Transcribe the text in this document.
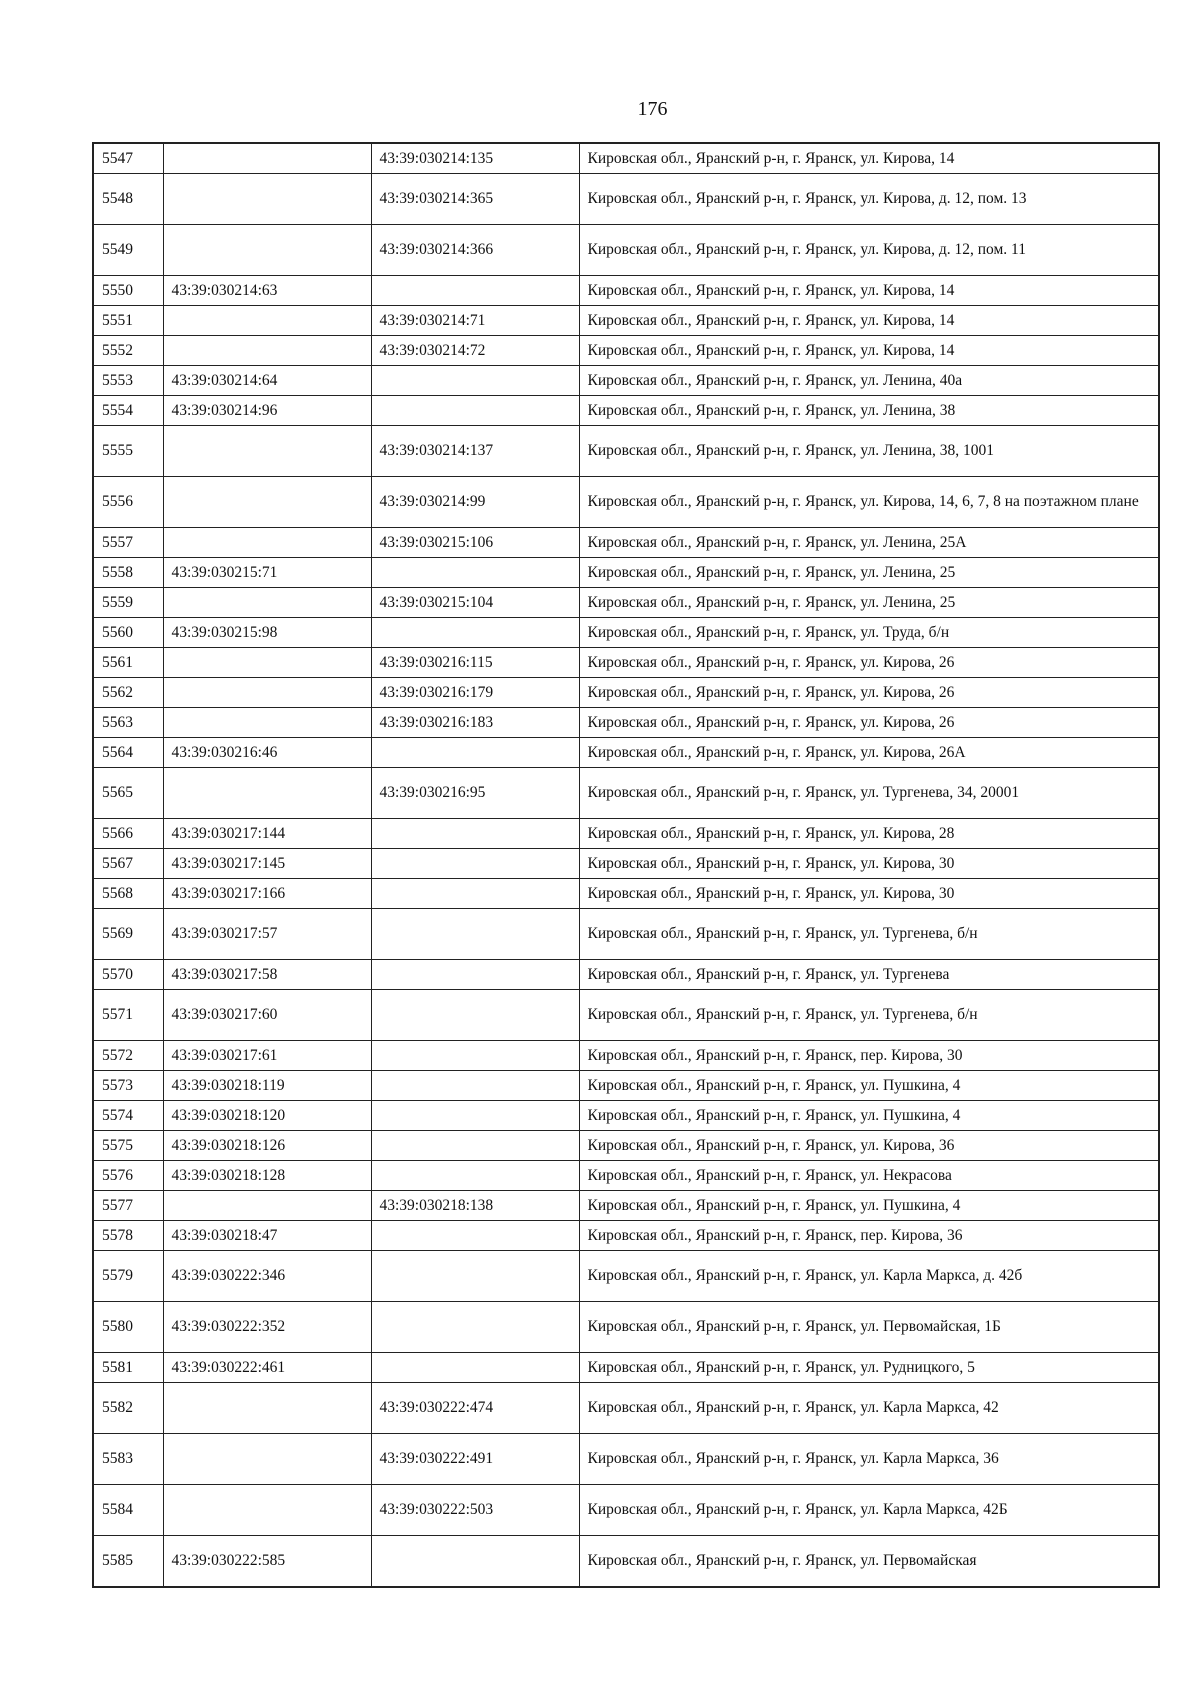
176
5547		43:39:030214:135	Кировская обл., Яранский р-н, г. Яранск, ул. Кирова, 14
5548		43:39:030214:365	Кировская обл., Яранский р-н, г. Яранск, ул. Кирова, д. 12, пом. 13
5549		43:39:030214:366	Кировская обл., Яранский р-н, г. Яранск, ул. Кирова, д. 12, пом. 11
5550	43:39:030214:63		Кировская обл., Яранский р-н, г. Яранск, ул. Кирова, 14
5551		43:39:030214:71	Кировская обл., Яранский р-н, г. Яранск, ул. Кирова, 14
5552		43:39:030214:72	Кировская обл., Яранский р-н, г. Яранск, ул. Кирова, 14
5553	43:39:030214:64		Кировская обл., Яранский р-н, г. Яранск, ул. Ленина, 40а
5554	43:39:030214:96		Кировская обл., Яранский р-н, г. Яранск, ул. Ленина, 38
5555		43:39:030214:137	Кировская обл., Яранский р-н, г. Яранск, ул. Ленина, 38, 1001
5556		43:39:030214:99	Кировская обл., Яранский р-н, г. Яранск, ул. Кирова, 14, 6, 7, 8 на поэтажном плане
5557		43:39:030215:106	Кировская обл., Яранский р-н, г. Яранск, ул. Ленина, 25А
5558	43:39:030215:71		Кировская обл., Яранский р-н, г. Яранск, ул. Ленина, 25
5559		43:39:030215:104	Кировская обл., Яранский р-н, г. Яранск, ул. Ленина, 25
5560	43:39:030215:98		Кировская обл., Яранский р-н, г. Яранск, ул. Труда, б/н
5561		43:39:030216:115	Кировская обл., Яранский р-н, г. Яранск, ул. Кирова, 26
5562		43:39:030216:179	Кировская обл., Яранский р-н, г. Яранск, ул. Кирова, 26
5563		43:39:030216:183	Кировская обл., Яранский р-н, г. Яранск, ул. Кирова, 26
5564	43:39:030216:46		Кировская обл., Яранский р-н, г. Яранск, ул. Кирова, 26А
5565		43:39:030216:95	Кировская обл., Яранский р-н, г. Яранск, ул. Тургенева, 34, 20001
5566	43:39:030217:144		Кировская обл., Яранский р-н, г. Яранск, ул. Кирова, 28
5567	43:39:030217:145		Кировская обл., Яранский р-н, г. Яранск, ул. Кирова, 30
5568	43:39:030217:166		Кировская обл., Яранский р-н, г. Яранск, ул. Кирова, 30
5569	43:39:030217:57		Кировская обл., Яранский р-н, г. Яранск, ул. Тургенева, б/н
5570	43:39:030217:58		Кировская обл., Яранский р-н, г. Яранск, ул. Тургенева
5571	43:39:030217:60		Кировская обл., Яранский р-н, г. Яранск, ул. Тургенева, б/н
5572	43:39:030217:61		Кировская обл., Яранский р-н, г. Яранск, пер. Кирова, 30
5573	43:39:030218:119		Кировская обл., Яранский р-н, г. Яранск, ул. Пушкина, 4
5574	43:39:030218:120		Кировская обл., Яранский р-н, г. Яранск, ул. Пушкина, 4
5575	43:39:030218:126		Кировская обл., Яранский р-н, г. Яранск, ул. Кирова, 36
5576	43:39:030218:128		Кировская обл., Яранский р-н, г. Яранск, ул. Некрасова
5577		43:39:030218:138	Кировская обл., Яранский р-н, г. Яранск, ул. Пушкина, 4
5578	43:39:030218:47		Кировская обл., Яранский р-н, г. Яранск, пер. Кирова, 36
5579	43:39:030222:346		Кировская обл., Яранский р-н, г. Яранск, ул. Карла Маркса, д. 42б
5580	43:39:030222:352		Кировская обл., Яранский р-н, г. Яранск, ул. Первомайская, 1Б
5581	43:39:030222:461		Кировская обл., Яранский р-н, г. Яранск, ул. Рудницкого, 5
5582		43:39:030222:474	Кировская обл., Яранский р-н, г. Яранск, ул. Карла Маркса, 42
5583		43:39:030222:491	Кировская обл., Яранский р-н, г. Яранск, ул. Карла Маркса, 36
5584		43:39:030222:503	Кировская обл., Яранский р-н, г. Яранск, ул. Карла Маркса, 42Б
5585	43:39:030222:585		Кировская обл., Яранский р-н, г. Яранск, ул. Первомайская
